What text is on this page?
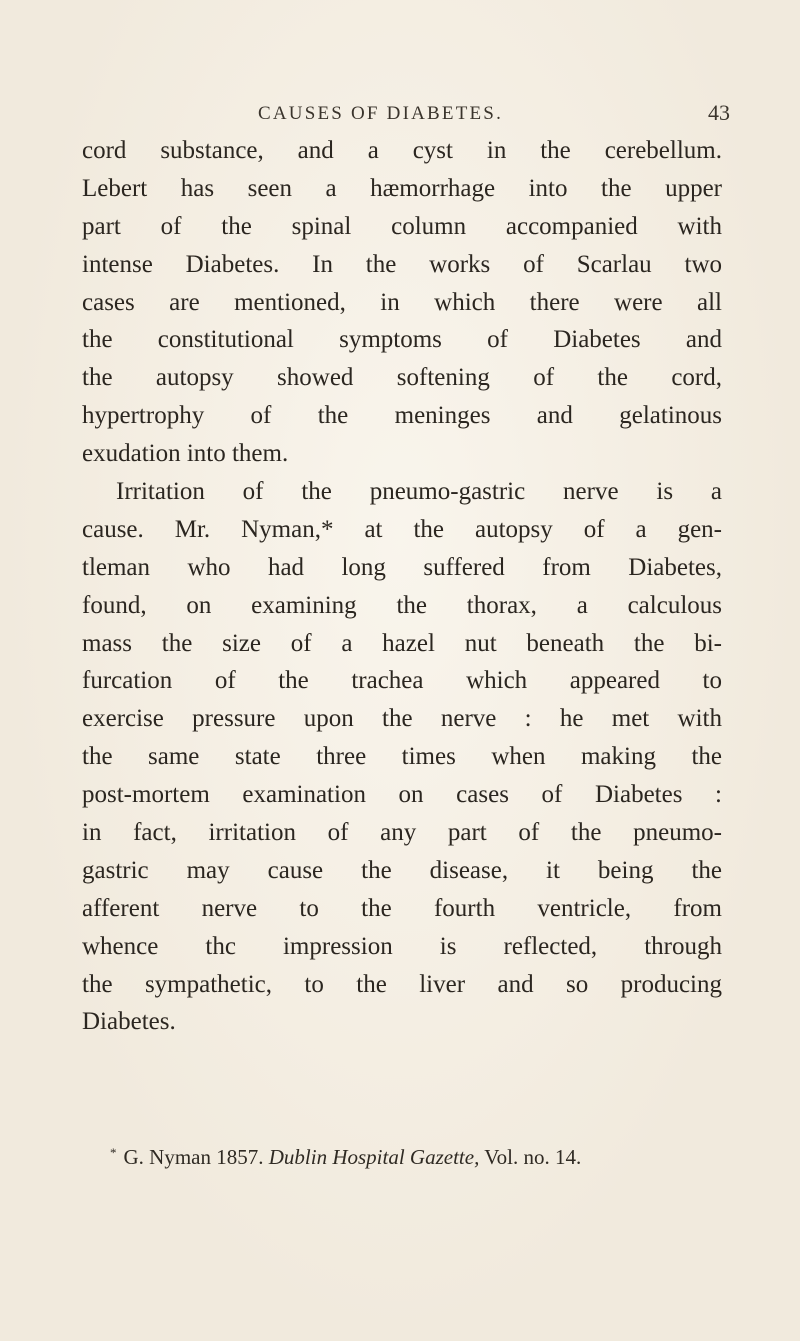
CAUSES OF DIABETES.	43
cord substance, and a cyst in the cerebellum.
Lebert has seen a hæmorrhage into the upper
part of the spinal column accompanied with
intense Diabetes. In the works of Scarlau two
cases are mentioned, in which there were all
the constitutional symptoms of Diabetes and
the autopsy showed softening of the cord,
hypertrophy of the meninges and gelatinous
exudation into them.
Irritation of the pneumo-gastric nerve is a
cause. Mr. Nyman,* at the autopsy of a gen-
tleman who had long suffered from Diabetes,
found, on examining the thorax, a calculous
mass the size of a hazel nut beneath the bi-
furcation of the trachea which appeared to
exercise pressure upon the nerve : he met with
the same state three times when making the
post-mortem examination on cases of Diabetes :
in fact, irritation of any part of the pneumo-
gastric may cause the disease, it being the
afferent nerve to the fourth ventricle, from
whence thc impression is reflected, through
the sympathetic, to the liver and so producing
Diabetes.
* G. Nyman 1857. Dublin Hospital Gazette, Vol. no. 14.
